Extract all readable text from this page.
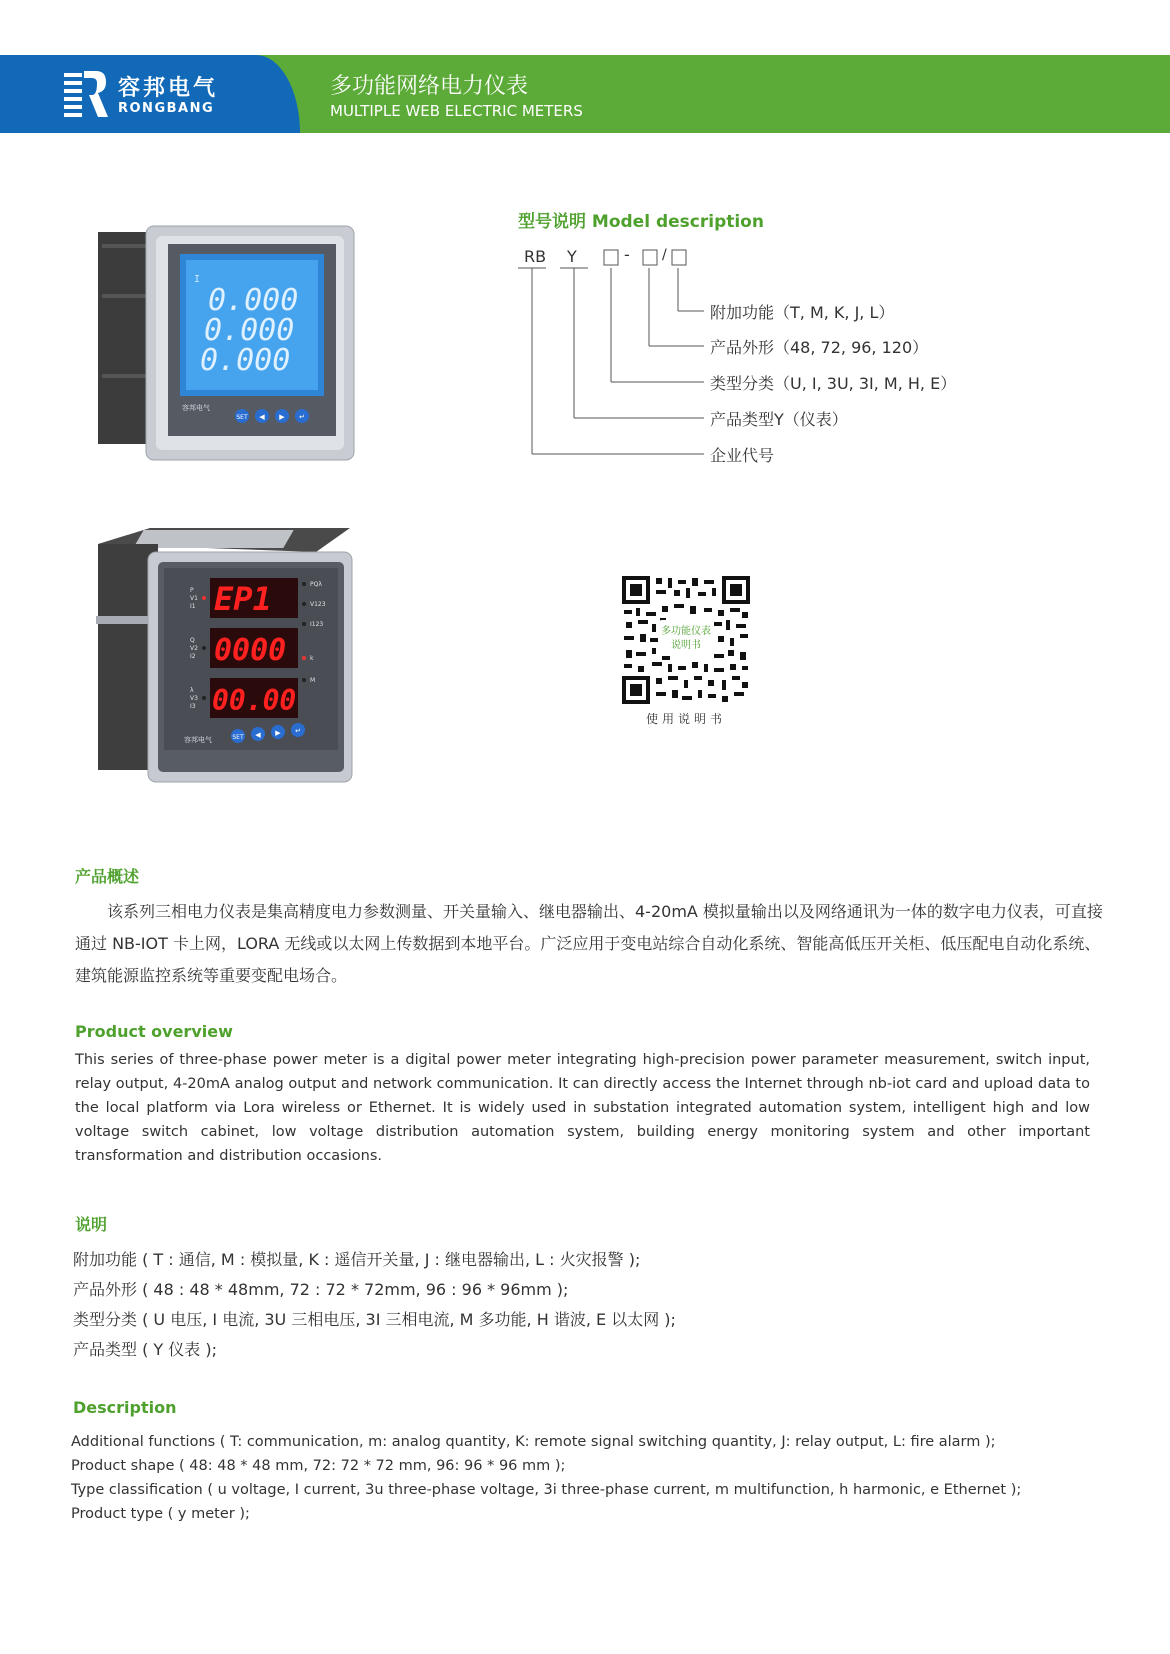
容邦电气
RONGBANG
多功能网络电力仪表
MULTIPLE WEB ELECTRIC METERS
I
0.000
0.000
0.000
SET ◀ ▶ ↵
容邦电气
EP1
0000
00.00
P
V1
I1
Q
V2
I2
λ
V3
I3
PQλ
V123
I123
k
M
SET ◀ ▶ ↵
容邦电气
型号说明 Model description
RB Y	- /
附加功能（T, M, K, J, L）
产品外形（48, 72, 96, 120）
类型分类（U, I, 3U, 3I, M, H, E）
产品类型Y（仪表）
企业代号
多功能仪表
说明书
使用说明书
产品概述

该系列三相电力仪表是集高精度电力参数测量、开关量输入、继电器输出、4-20mA 模拟量输出以及网络通讯为一体的数字电力仪表，可直接通过 NB-IOT 卡上网，LORA 无线或以太网上传数据到本地平台。广泛应用于变电站综合自动化系统、智能高低压开关柜、低压配电自动化系统、建筑能源监控系统等重要变配电场合。

Product overview

This series of three-phase power meter is a digital power meter integrating high-precision power parameter measurement, switch input, relay output, 4-20mA analog output and network communication. It can directly access the Internet through nb-iot card and upload data to the local platform via Lora wireless or Ethernet. It is widely used in substation integrated automation system, intelligent high and low voltage switch cabinet, low voltage distribution automation system, building energy monitoring system and other important transformation and distribution occasions.

说明
附加功能 ( T : 通信, M : 模拟量, K : 遥信开关量, J : 继电器输出, L : 火灾报警 );
产品外形 ( 48 : 48 * 48mm, 72 : 72 * 72mm, 96 : 96 * 96mm );
类型分类 ( U 电压, I 电流, 3U 三相电压, 3I 三相电流, M 多功能, H 谐波, E 以太网 );
产品类型 ( Y 仪表 );
Description
Additional functions ( T: communication, m: analog quantity, K: remote signal switching quantity, J: relay output, L: fire alarm );
Product shape ( 48: 48 * 48 mm, 72: 72 * 72 mm, 96: 96 * 96 mm );
Type classification ( u voltage, I current, 3u three-phase voltage, 3i three-phase current, m multifunction, h harmonic, e Ethernet );
Product type ( y meter );
